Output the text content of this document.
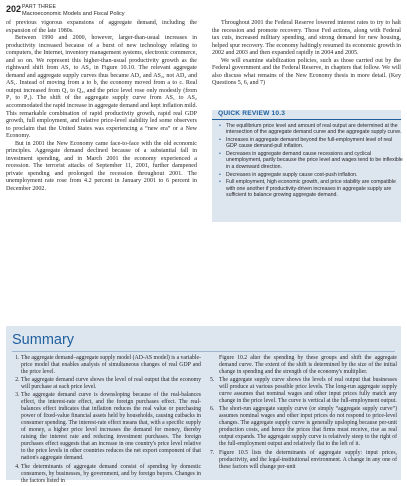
202 PART THREE
Macroeconomic Models and Fiscal Policy

of previous vigorous expansions of aggregate demand, including the expansion of the late 1980s.

Between 1990 and 2000, however, larger-than-usual increases in productivity increased because of a burst of new technology relating to computers, the Internet, inventory management systems, electronic commerce, and so on. We represent this higher-than-usual productivity growth as the rightward shift from AS₁ to AS₂ in Figure 10.10. The relevant aggregate demand and aggregate supply curves thus became AD₂ and AS₂, not AD₂ and AS₁. Instead of moving from a to b, the economy moved from a to c. Real output increased from Q₁ to Q₃, and the price level rose only modestly (from P₁ to P₂). The shift of the aggregate supply curve from AS₁ to AS₂ accommodated the rapid increase in aggregate demand and kept inflation mild. This remarkable combination of rapid productivity growth, rapid real GDP growth, full employment, and relative price-level stability led some observers to proclaim that the United States was experiencing a “new era” or a New Economy.

But in 2001 the New Economy came face-to-face with the old economic principles. Aggregate demand declined because of a substantial fall in investment spending, and in March 2001 the economy experienced a recession. The terrorist attacks of September 11, 2001, further dampened private spending and prolonged the recession throughout 2001. The unemployment rate rose from 4.2 percent in January 2001 to 6 percent in December 2002.

Throughout 2001 the Federal Reserve lowered interest rates to try to halt the recession and promote recovery. Those Fed actions, along with Federal tax cuts, increased military spending, and strong demand for new housing, helped spur recovery. The economy haltingly resumed its economic growth in 2002 and 2003 and then expanded rapidly in 2004 and 2005.

We will examine stabilization policies, such as those carried out by the Federal government and the Federal Reserve, in chapters that follow. We will also discuss what remains of the New Economy thesis in more detail. (Key Questions 5, 6, and 7)

QUICK REVIEW 10.3
• The equilibrium price level and amount of real output are determined at the intersection of the aggregate demand curve and the aggregate supply curve.
• Increases in aggregate demand beyond the full-employment level of real GDP cause demand-pull inflation.
• Decreases in aggregate demand cause recessions and cyclical unemployment, partly because the price level and wages tend to be inflexible in a downward direction.
• Decreases in aggregate supply cause cost-push inflation.
• Full employment, high economic growth, and price stability are compatible with one another if productivity-driven increases in aggregate supply are sufficient to balance growing aggregate demand.
Summary
1. The aggregate demand–aggregate supply model (AD-AS model) is a variable-price model that enables analysis of simultaneous changes of real GDP and the price level.
2. The aggregate demand curve shows the level of real output that the economy will purchase at each price level.
3. The aggregate demand curve is downsloping because of the real-balances effect, the interest-rate effect, and the foreign purchases effect. The real-balances effect indicates that inflation reduces the real value or purchasing power of fixed-value financial assets held by households, causing cutbacks in consumer spending. The interest-rate effect means that, with a specific supply of money, a higher price level increases the demand for money, thereby raising the interest rate and reducing investment purchases. The foreign purchases effect suggests that an increase in one country's price level relative to the price levels in other countries reduces the net export component of that nation's aggregate demand.
4. The determinants of aggregate demand consist of spending by domestic consumers, by businesses, by government, and by foreign buyers. Changes in the factors listed in
Figure 10.2 alter the spending by these groups and shift the aggregate demand curve. The extent of the shift is determined by the size of the initial change in spending and the strength of the economy's multiplier.
The aggregate supply curve shows the levels of real output that businesses will produce at various possible price levels. The long-run aggregate supply curve assumes that nominal wages and other input prices fully match any change in the price level. The curve is vertical at the full-employment output.
The short-run aggregate supply curve (or simply “aggregate supply curve”) assumes nominal wages and other input prices do not respond to price-level changes. The aggregate supply curve is generally upsloping because per-unit production costs, and hence the prices that firms must receive, rise as real output expands. The aggregate supply curve is relatively steep to the right of the full-employment output and relatively flat to the left of it.
Figure 10.5 lists the determinants of aggregate supply: input prices, productivity, and the legal-institutional environment. A change in any one of these factors will change per-unit
